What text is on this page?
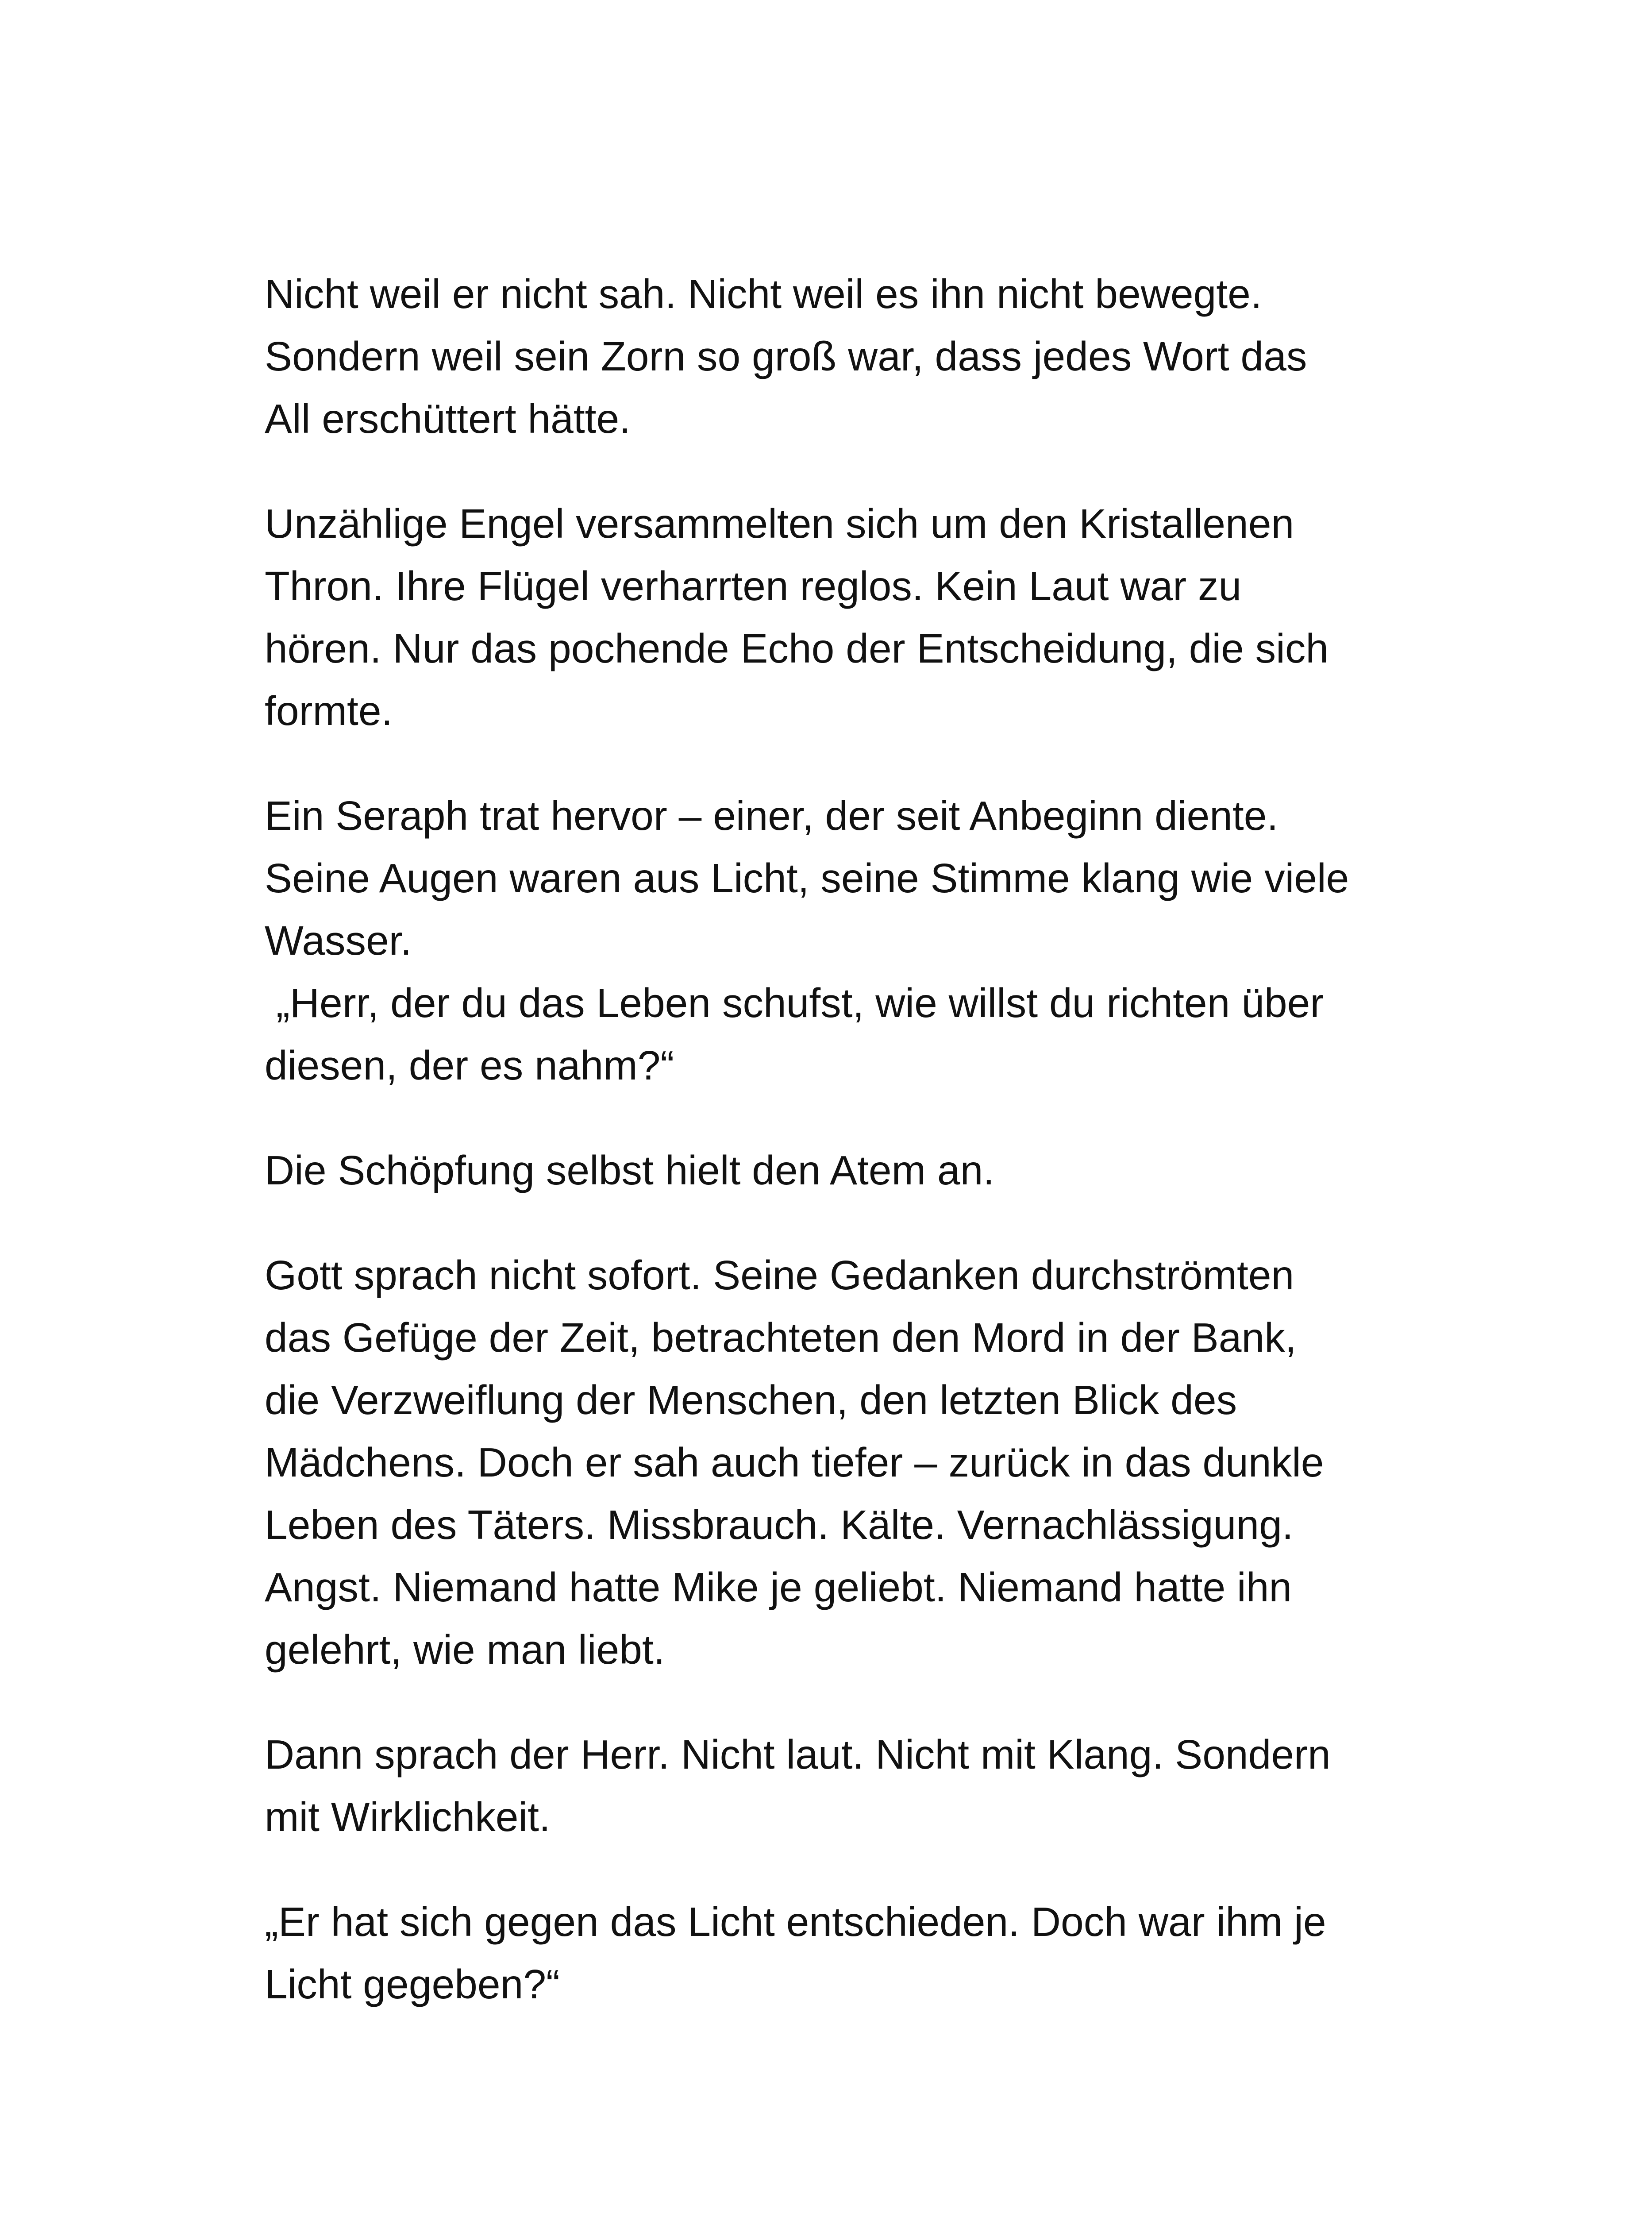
Nicht weil er nicht sah. Nicht weil es ihn nicht bewegte.
Sondern weil sein Zorn so groß war, dass jedes Wort das
All erschüttert hätte.

Unzählige Engel versammelten sich um den Kristallenen
Thron. Ihre Flügel verharrten reglos. Kein Laut war zu
hören. Nur das pochende Echo der Entscheidung, die sich
formte.

Ein Seraph trat hervor – einer, der seit Anbeginn diente.
Seine Augen waren aus Licht, seine Stimme klang wie viele
Wasser.
„Herr, der du das Leben schufst, wie willst du richten über
diesen, der es nahm?“

Die Schöpfung selbst hielt den Atem an.

Gott sprach nicht sofort. Seine Gedanken durchströmten
das Gefüge der Zeit, betrachteten den Mord in der Bank,
die Verzweiflung der Menschen, den letzten Blick des
Mädchens. Doch er sah auch tiefer – zurück in das dunkle
Leben des Täters. Missbrauch. Kälte. Vernachlässigung.
Angst. Niemand hatte Mike je geliebt. Niemand hatte ihn
gelehrt, wie man liebt.

Dann sprach der Herr. Nicht laut. Nicht mit Klang. Sondern
mit Wirklichkeit.

„Er hat sich gegen das Licht entschieden. Doch war ihm je
Licht gegeben?“
